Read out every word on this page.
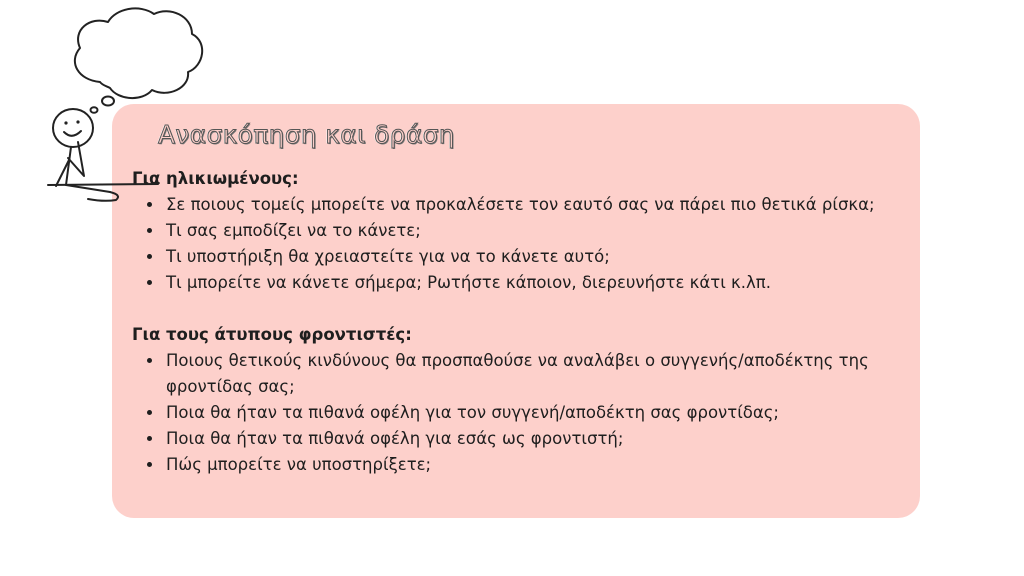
Ανασκόπηση και δράση

Για ηλικιωμένους:

• Σε ποιους τομείς μπορείτε να προκαλέσετε τον εαυτό σας να πάρει πιο θετικά ρίσκα;
• Τι σας εμποδίζει να το κάνετε;
• Τι υποστήριξη θα χρειαστείτε για να το κάνετε αυτό;
• Τι μπορείτε να κάνετε σήμερα; Ρωτήστε κάποιον, διερευνήστε κάτι κ.λπ.

Για τους άτυπους φροντιστές:

• Ποιους θετικούς κινδύνους θα προσπαθούσε να αναλάβει ο συγγενής/αποδέκτης της φροντίδας σας;
• Ποια θα ήταν τα πιθανά οφέλη για τον συγγενή/αποδέκτη σας φροντίδας;
• Ποια θα ήταν τα πιθανά οφέλη για εσάς ως φροντιστή;
• Πώς μπορείτε να υποστηρίξετε;
